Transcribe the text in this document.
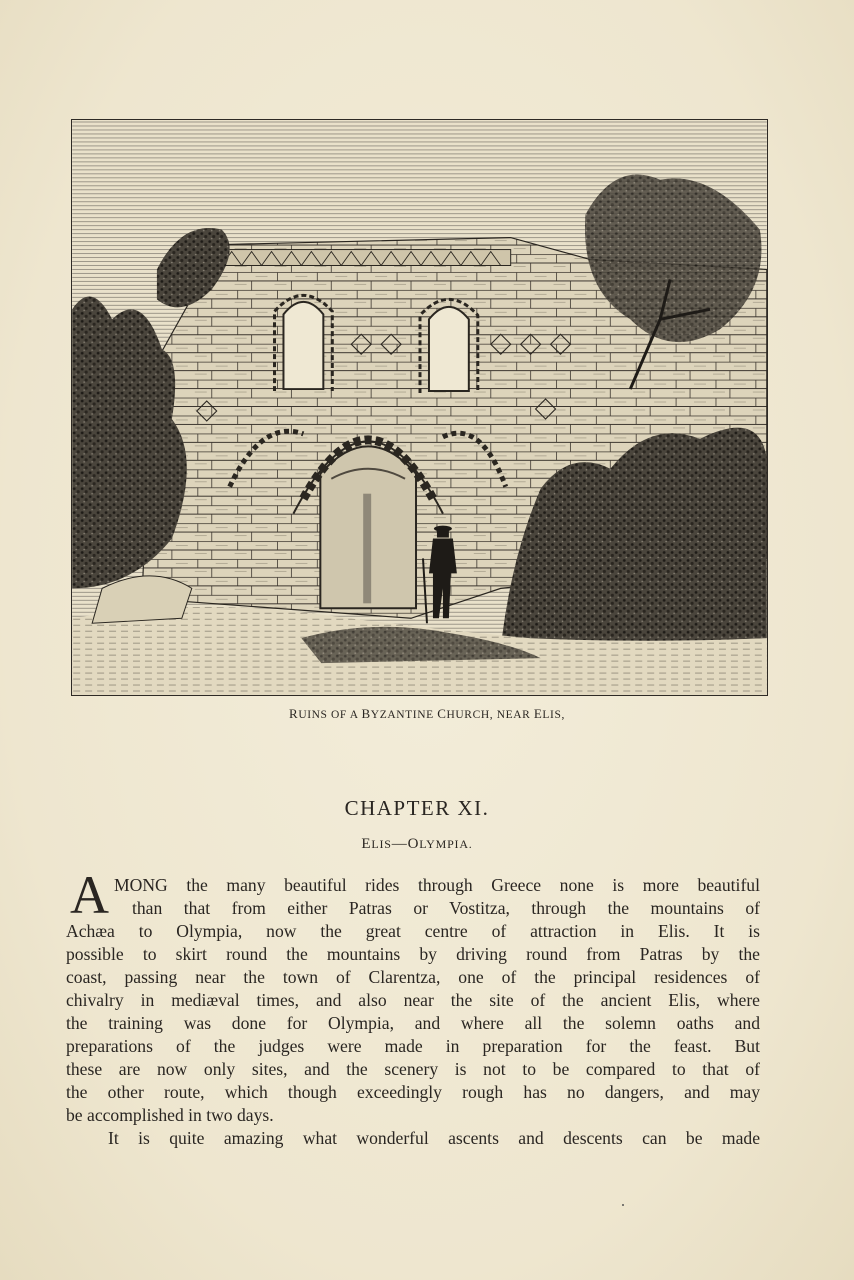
RUINS OF A BYZANTINE CHURCH, NEAR ELIS,
CHAPTER XI.
ELIS—OLYMPIA.
A MONG the many beautiful rides through Greece none is more beautiful
than that from either Patras or Vostitza, through the mountains of
Achæa to Olympia, now the great centre of attraction in Elis. It is
possible to skirt round the mountains by driving round from Patras by the
coast, passing near the town of Clarentza, one of the principal residences of
chivalry in mediæval times, and also near the site of the ancient Elis, where
the training was done for Olympia, and where all the solemn oaths and
preparations of the judges were made in preparation for the feast. But
these are now only sites, and the scenery is not to be compared to that of
the other route, which though exceedingly rough has no dangers, and may
be accomplished in two days.
It is quite amazing what wonderful ascents and descents can be made
